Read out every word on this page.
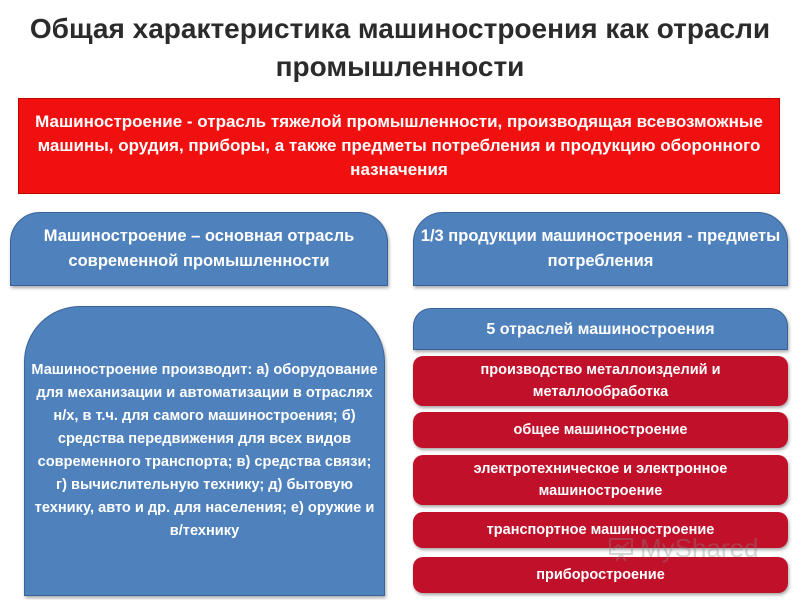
Общая характеристика машиностроения как отрасли промышленности
Машиностроение - отрасль тяжелой промышленности, производящая всевозможные машины, орудия, приборы, а также предметы потребления и продукцию оборонного назначения
Машиностроение – основная отрасль современной промышленности
1/3 продукции машиностроения - предметы потребления
Машиностроение производит: а) оборудование для механизации и автоматизации в отраслях н/х, в т.ч. для самого машиностроения; б) средства передвижения для всех видов современного транспорта; в) средства связи; г) вычислительную технику; д) бытовую технику, авто и др. для населения; е) оружие и в/технику
5 отраслей машиностроения
производство металлоизделий и металлообработка
общее машиностроение
электротехническое и электронное машиностроение
транспортное машиностроение
приборостроение
MyShared
